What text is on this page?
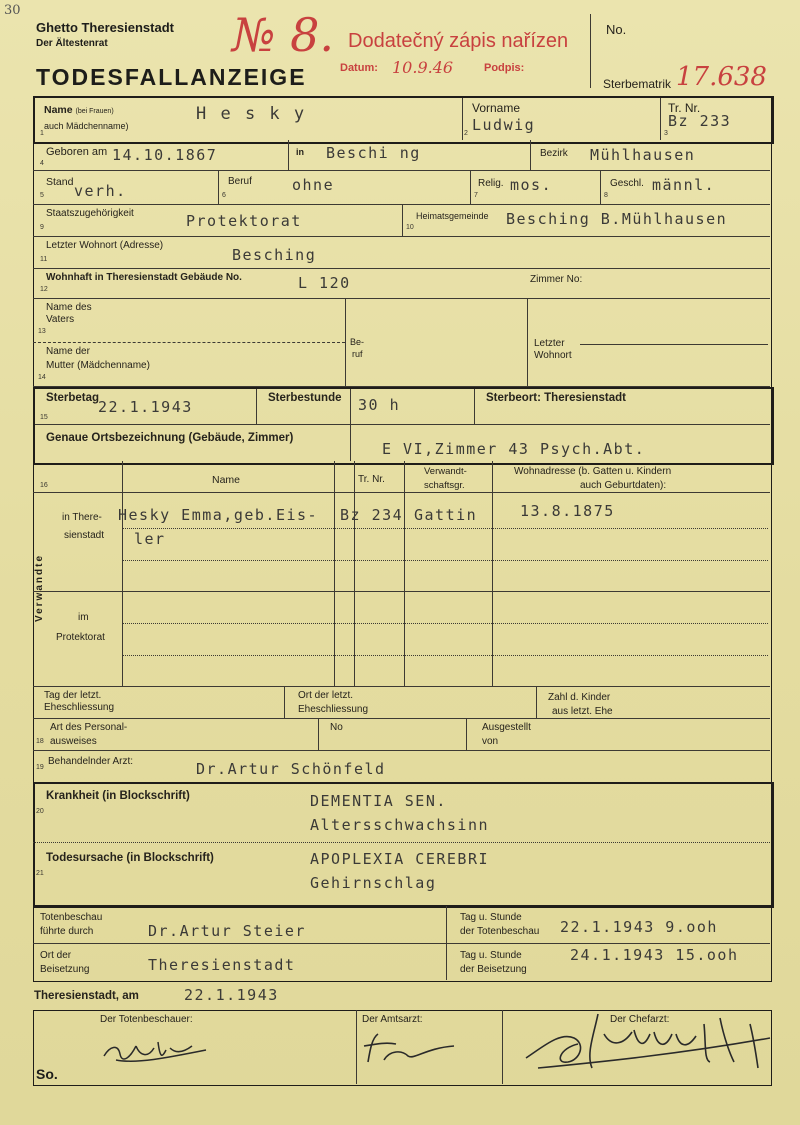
30
Ghetto Theresienstadt
Der Ältestenrat
TODESFALLANZEIGE
№ 8. Dodatečný zápis nařízen
Datum: 10.9.46	Podpis:
No.
Sterbematrik 17.638
Name (bei Frauen)
auch Mädchenname)
H e s k y	Vorname
Ludwig
Tr. Nr.
Bz 233
1	2	3
4
Geboren am 14.10.1867	in Beschi ng	Bezirk Mühlhausen
5
Stand verh.	6
Beruf	ohne
7
Relig. mos.
8
Geschl. männl.
9
Staatszugehörigkeit	Protektorat	10
Heimatsgemeinde Besching B.Mühlhausen
11
Letzter Wohnort (Adresse)
Besching
12
Wohnhaft in Theresienstadt Gebäude No.	L 120	Zimmer No:
Name des
Vaters
13
Name der
Mutter (Mädchenname)
14
Be-
ruf
Letzter
Wohnort
Sterbetag
22.1.1943
15
Sterbestunde 30 h	Sterbeort: Theresienstadt
Genaue Ortsbezeichnung (Gebäude, Zimmer)
E VI,Zimmer 43 Psych.Abt.
16	Name	Tr. Nr.
Verwandt-
schaftsgr.
Wohnadresse (b. Gatten u. Kindern
auch Geburtdaten):
Verwandte
in There-
sienstadt
im
Protektorat
Hesky Emma,geb.Eis- Bz 234 Gattin	13.8.1875
ler
Tag der letzt.
Eheschliessung
Ort der letzt.
Eheschliessung
Zahl d. Kinder
aus letzt. Ehe
18
Art des Personal-
ausweises
No	Ausgestellt
von
19
Behandelnder Arzt:	Dr.Artur Schönfeld
20
Krankheit (in Blockschrift)	DEMENTIA SEN.
Altersschwachsinn
21
Todesursache (in Blockschrift)	APOPLEXIA CEREBRI
Gehirnschlag
Totenbeschau
führte durch	Dr.Artur Steier
Tag u. Stunde
der Totenbeschau 22.1.1943 9.ooh
Ort der
Beisetzung	Theresienstadt
Tag u. Stunde
der Beisetzung
24.1.1943 15.ooh
Theresienstadt, am	22.1.1943
Der Totenbeschauer:	Der Amtsarzt:	Der Chefarzt:
So.
